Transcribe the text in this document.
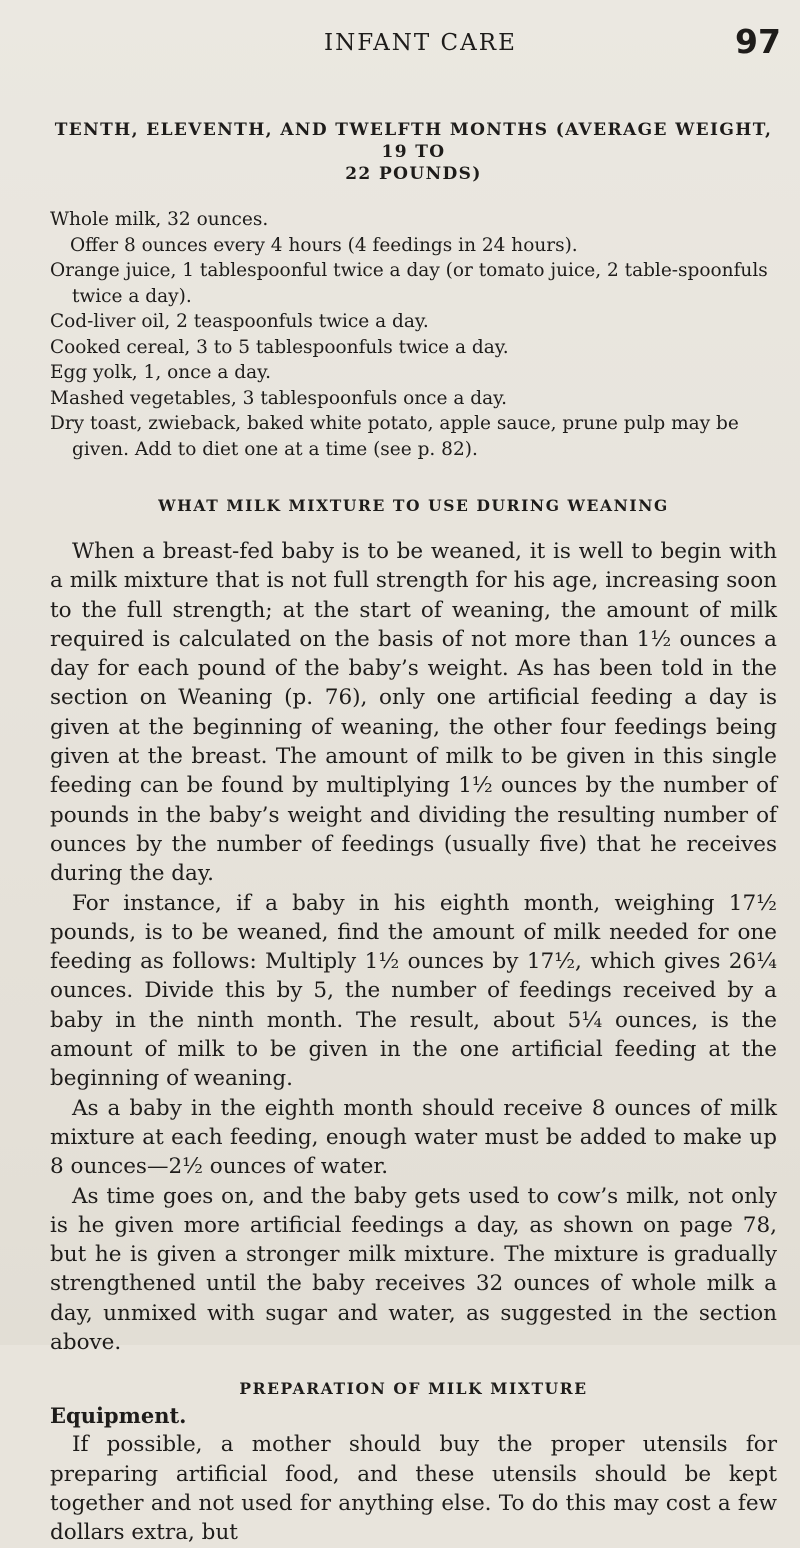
INFANT CARE	97

TENTH, ELEVENTH, AND TWELFTH MONTHS (AVERAGE WEIGHT, 19 TO

22 POUNDS)

Whole milk, 32 ounces.

Offer 8 ounces every 4 hours (4 feedings in 24 hours).

Orange juice, 1 tablespoonful twice a day (or tomato juice, 2 table-spoonfuls twice a day).

Cod-liver oil, 2 teaspoonfuls twice a day.

Cooked cereal, 3 to 5 tablespoonfuls twice a day.

Egg yolk, 1, once a day.

Mashed vegetables, 3 tablespoonfuls once a day.

Dry toast, zwieback, baked white potato, apple sauce, prune pulp may be given. Add to diet one at a time (see p. 82).

WHAT MILK MIXTURE TO USE DURING WEANING

When a breast-fed baby is to be weaned, it is well to begin with a milk mixture that is not full strength for his age, increasing soon to the full strength; at the start of weaning, the amount of milk required is calculated on the basis of not more than 1½ ounces a day for each pound of the baby’s weight. As has been told in the section on Weaning (p. 76), only one artificial feeding a day is given at the beginning of weaning, the other four feedings being given at the breast. The amount of milk to be given in this single feeding can be found by multiplying 1½ ounces by the number of pounds in the baby’s weight and dividing the resulting number of ounces by the number of feedings (usually five) that he receives during the day.

For instance, if a baby in his eighth month, weighing 17½ pounds, is to be weaned, find the amount of milk needed for one feeding as follows: Multiply 1½ ounces by 17½, which gives 26¼ ounces. Divide this by 5, the number of feedings received by a baby in the ninth month. The result, about 5¼ ounces, is the amount of milk to be given in the one artificial feeding at the beginning of weaning.

As a baby in the eighth month should receive 8 ounces of milk mixture at each feeding, enough water must be added to make up 8 ounces—2½ ounces of water.

As time goes on, and the baby gets used to cow’s milk, not only is he given more artificial feedings a day, as shown on page 78, but he is given a stronger milk mixture. The mixture is gradually strengthened until the baby receives 32 ounces of whole milk a day, unmixed with sugar and water, as suggested in the section above.

PREPARATION OF MILK MIXTURE

Equipment.

If possible, a mother should buy the proper utensils for preparing artificial food, and these utensils should be kept together and not used for anything else. To do this may cost a few dollars extra, but
